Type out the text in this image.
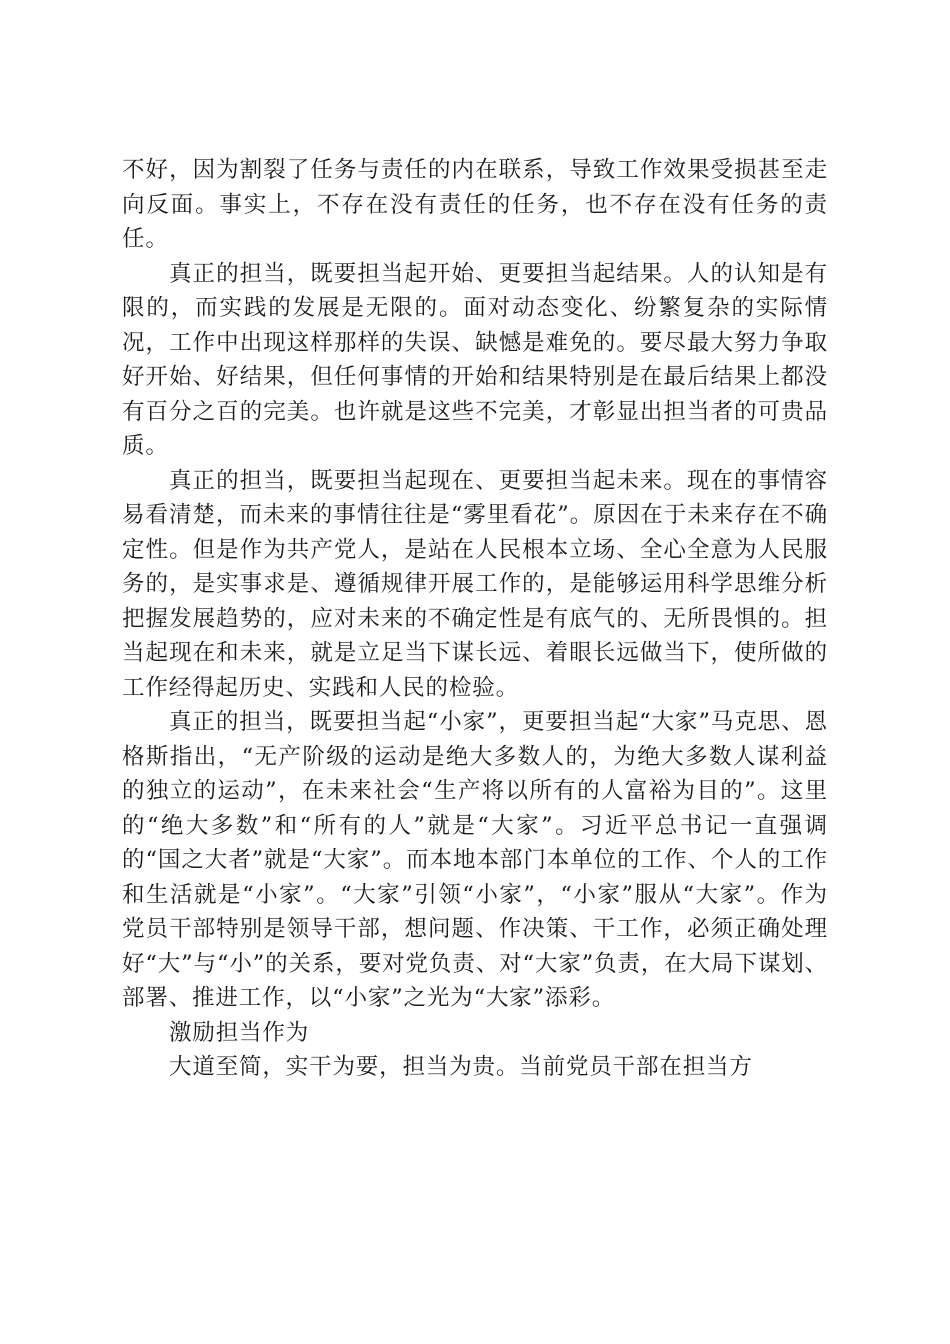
不好，因为割裂了任务与责任的内在联系，导致工作效果受损甚至走向反面。事实上，不存在没有责任的任务，也不存在没有任务的责任。

真正的担当，既要担当起开始、更要担当起结果。人的认知是有限的，而实践的发展是无限的。面对动态变化、纷繁复杂的实际情况，工作中出现这样那样的失误、缺憾是难免的。要尽最大努力争取好开始、好结果，但任何事情的开始和结果特别是在最后结果上都没有百分之百的完美。也许就是这些不完美，才彰显出担当者的可贵品质。

真正的担当，既要担当起现在、更要担当起未来。现在的事情容易看清楚，而未来的事情往往是“雾里看花”。原因在于未来存在不确定性。但是作为共产党人，是站在人民根本立场、全心全意为人民服务的，是实事求是、遵循规律开展工作的，是能够运用科学思维分析把握发展趋势的，应对未来的不确定性是有底气的、无所畏惧的。担当起现在和未来，就是立足当下谋长远、着眼长远做当下，使所做的工作经得起历史、实践和人民的检验。

真正的担当，既要担当起“小家”，更要担当起“大家”马克思、恩格斯指出，“无产阶级的运动是绝大多数人的，为绝大多数人谋利益的独立的运动”，在未来社会“生产将以所有的人富裕为目的”。这里的“绝大多数”和“所有的人”就是“大家”。习近平总书记一直强调的“国之大者”就是“大家”。而本地本部门本单位的工作、个人的工作和生活就是“小家”。“大家”引领“小家”，“小家”服从“大家”。作为党员干部特别是领导干部，想问题、作决策、干工作，必须正确处理好“大”与“小”的关系，要对党负责、对“大家”负责，在大局下谋划、部署、推进工作，以“小家”之光为“大家”添彩。

激励担当作为

大道至简，实干为要，担当为贵。当前党员干部在担当方
